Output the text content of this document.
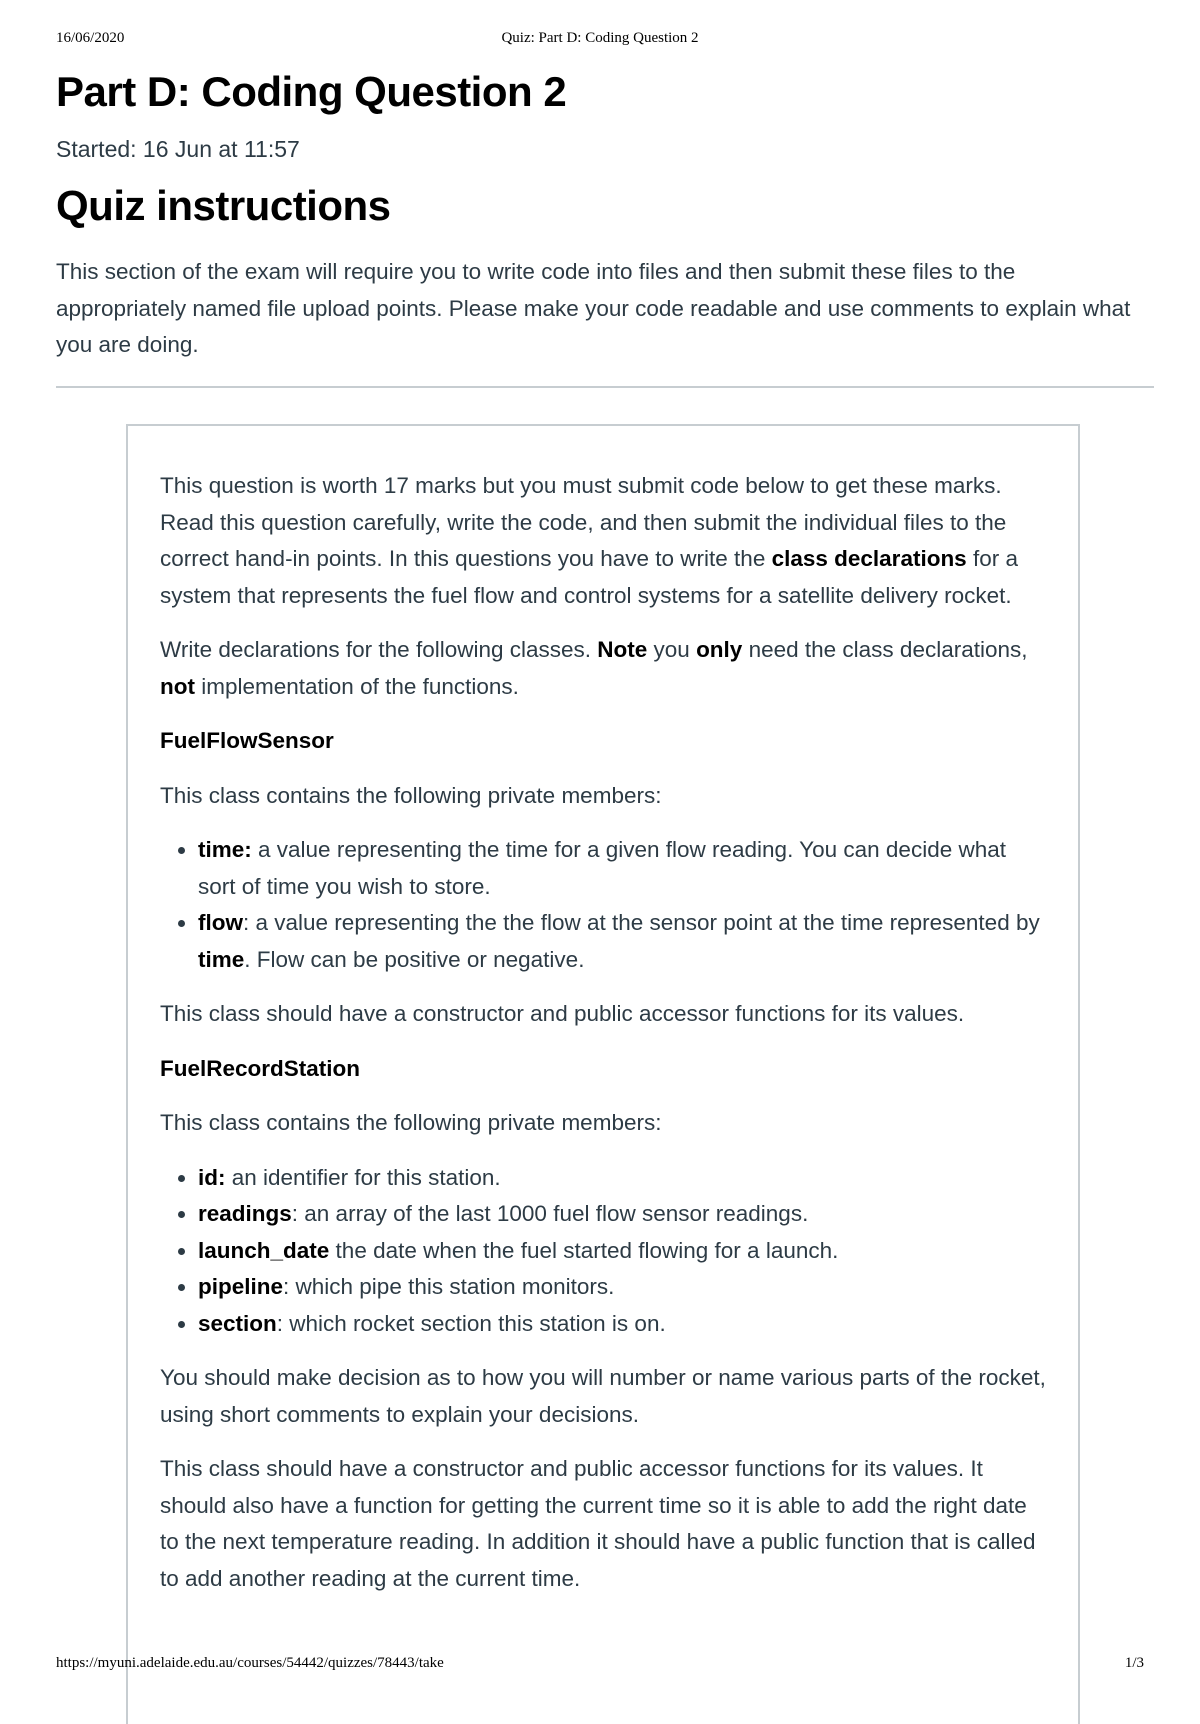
16/06/2020	Quiz: Part D: Coding Question 2
Part D: Coding Question 2
Started: 16 Jun at 11:57
Quiz instructions
This section of the exam will require you to write code into files and then submit these files to the appropriately named file upload points. Please make your code readable and use comments to explain what you are doing.

This question is worth 17 marks but you must submit code below to get these marks. Read this question carefully, write the code, and then submit the individual files to the correct hand-in points. In this questions you have to write the class declarations for a system that represents the fuel flow and control systems for a satellite delivery rocket.

Write declarations for the following classes. Note you only need the class declarations, not implementation of the functions.

FuelFlowSensor

This class contains the following private members:

• time: a value representing the time for a given flow reading. You can decide what sort of time you wish to store.
• flow: a value representing the the flow at the sensor point at the time represented by time. Flow can be positive or negative.

This class should have a constructor and public accessor functions for its values.

FuelRecordStation

This class contains the following private members:

• id: an identifier for this station.
• readings: an array of the last 1000 fuel flow sensor readings.
• launch_date the date when the fuel started flowing for a launch.
• pipeline: which pipe this station monitors.
• section: which rocket section this station is on.

You should make decision as to how you will number or name various parts of the rocket, using short comments to explain your decisions.

This class should have a constructor and public accessor functions for its values. It should also have a function for getting the current time so it is able to add the right date to the next temperature reading. In addition it should have a public function that is called to add another reading at the current time.

https://myuni.adelaide.edu.au/courses/54442/quizzes/78443/take	1/3
